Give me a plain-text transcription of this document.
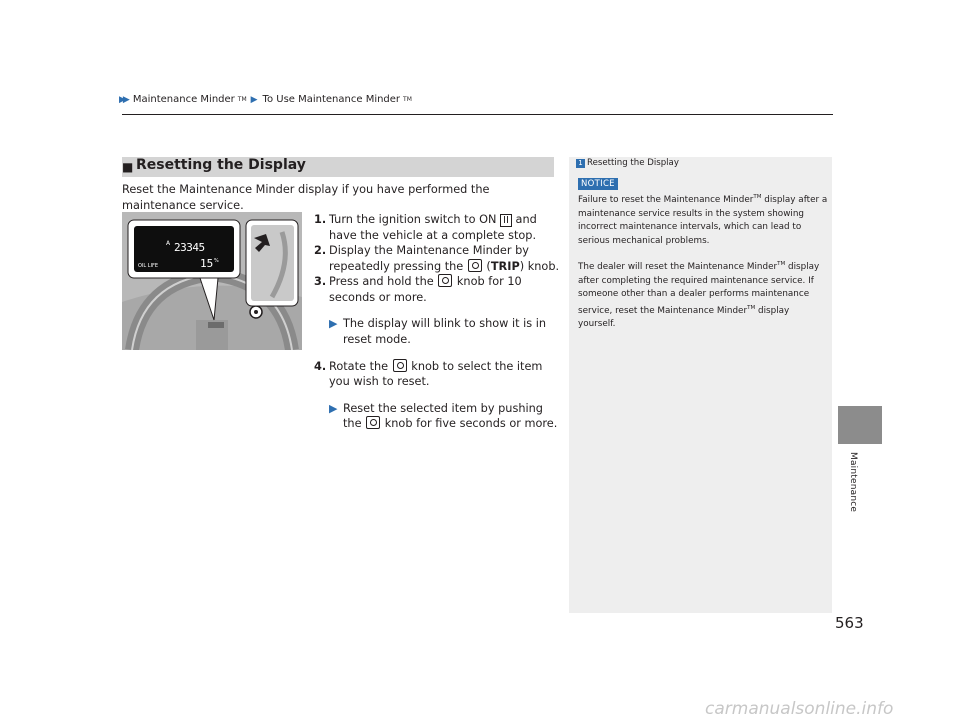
▶▶ Maintenance Minder TM ▶ To Use Maintenance Minder TM
■ Resetting the Display
Reset the Maintenance Minder display if you have performed the maintenance service.
A 23345
OIL LIFE	15 %

1. Turn the ignition switch to ON II and have the vehicle at a complete stop.

2. Display the Maintenance Minder by repeatedly pressing the  (TRIP) knob.

3. Press and hold the  knob for 10 seconds or more.

▶ The display will blink to show it is in reset mode.

4. Rotate the  knob to select the item you wish to reset.

▶ Reset the selected item by pushing the  knob for five seconds or more.

1 Resetting the Display
NOTICE
Failure to reset the Maintenance Minder™ display after a maintenance service results in the system showing incorrect maintenance intervals, which can lead to serious mechanical problems.
The dealer will reset the Maintenance Minder™ display after completing the required maintenance service. If someone other than a dealer performs maintenance service, reset the Maintenance Minder™ display yourself.
Maintenance
563
carmanualsonline.info
